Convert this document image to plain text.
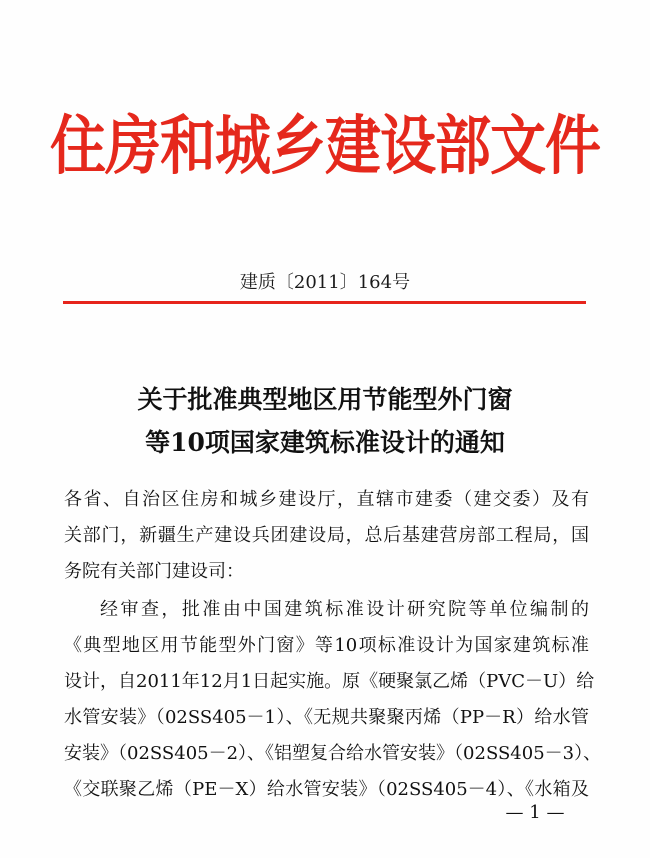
住房和城乡建设部文件
建质〔2011〕164号
关于批准典型地区用节能型外门窗
等10项国家建筑标准设计的通知
各省、自治区住房和城乡建设厅，直辖市建委（建交委）及有
关部门，新疆生产建设兵团建设局，总后基建营房部工程局，国
务院有关部门建设司：
经审查，批准由中国建筑标准设计研究院等单位编制的
《典型地区用节能型外门窗》等10项标准设计为国家建筑标准
设计，自2011年12月1日起实施。原《硬聚氯乙烯（PVC－U）给
水管安装》（02SS405－1）、《无规共聚聚丙烯（PP－R）给水管
安装》（02SS405－2）、《铝塑复合给水管安装》（02SS405－3）、
《交联聚乙烯（PE－X）给水管安装》（02SS405－4）、《水箱及
— 1 —
